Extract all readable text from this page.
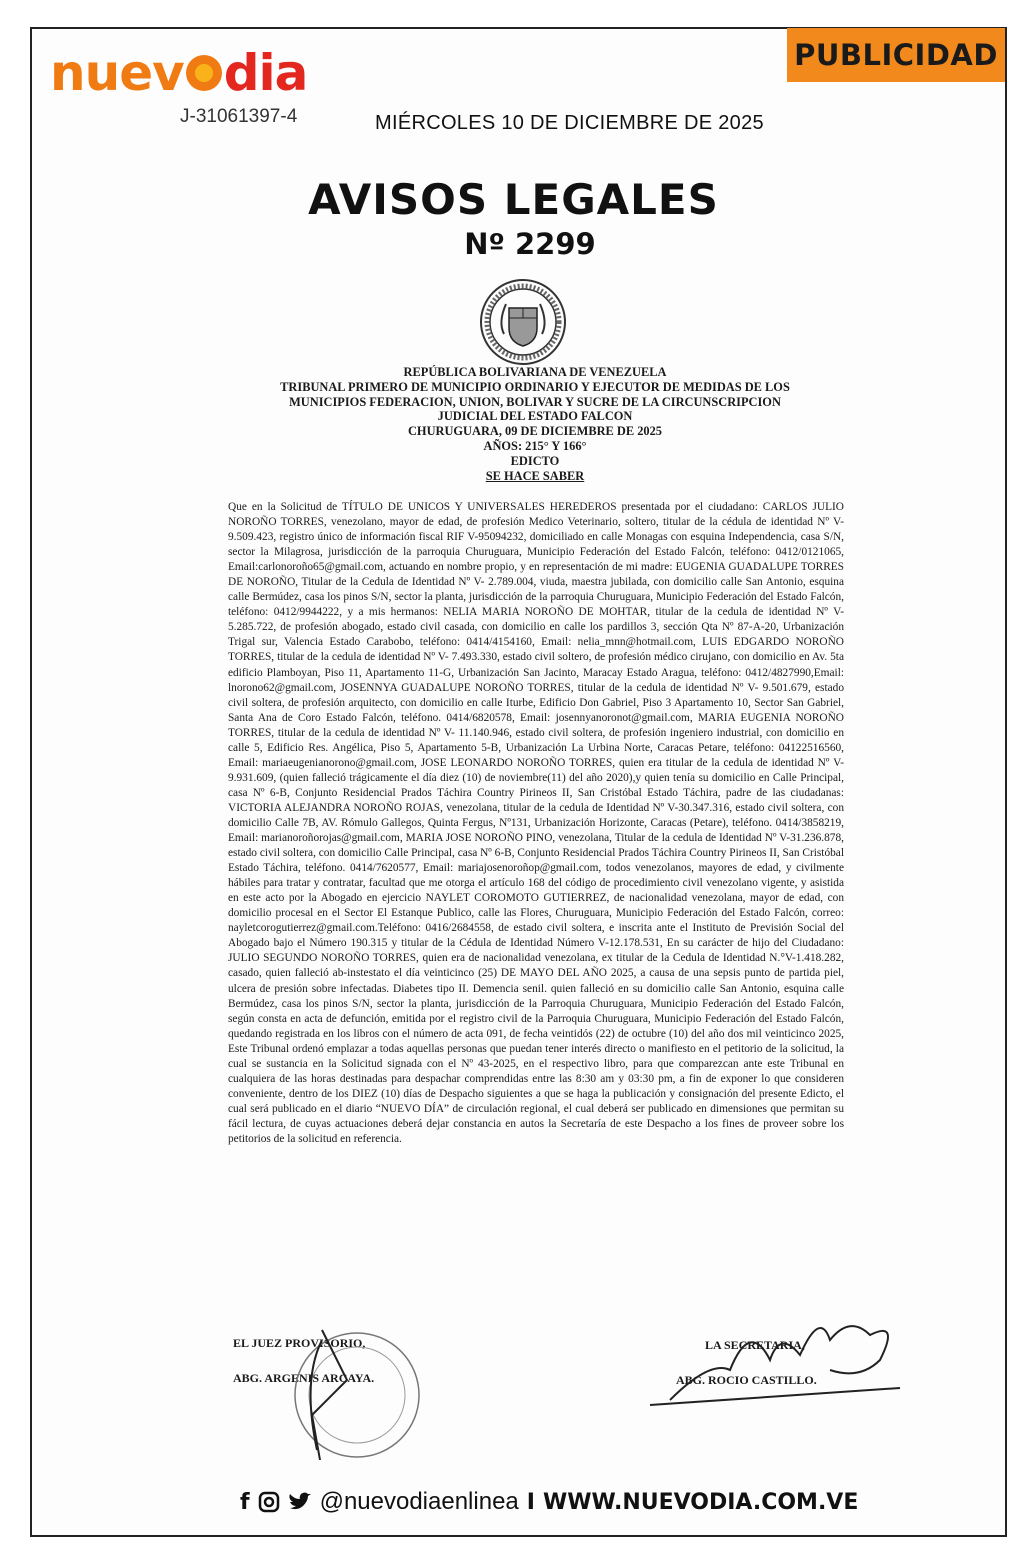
nuev dia
J-31061397-4	MIÉRCOLES 10 DE DICIEMBRE DE 2025
PUBLICIDAD
AVISOS LEGALES
Nº 2299
REPÚBLICA BOLIVARIANA DE VENEZUELA
TRIBUNAL PRIMERO DE MUNICIPIO ORDINARIO Y EJECUTOR DE MEDIDAS DE LOS
MUNICIPIOS FEDERACION, UNION, BOLIVAR Y SUCRE DE LA CIRCUNSCRIPCION
JUDICIAL DEL ESTADO FALCON
CHURUGUARA, 09 DE DICIEMBRE DE 2025
AÑOS: 215° Y 166°
EDICTO
SE HACE SABER

Que en la Solicitud de TÍTULO DE UNICOS Y UNIVERSALES HEREDEROS presentada por el ciudadano: CARLOS JULIO NOROÑO TORRES, venezolano, mayor de edad, de profesión Medico Veterinario, soltero, titular de la cédula de identidad Nº V-9.509.423, registro único de información fiscal RIF V-95094232, domiciliado en calle Monagas con esquina Independencia, casa S/N, sector la Milagrosa, jurisdicción de la parroquia Churuguara, Municipio Federación del Estado Falcón, teléfono: 0412/0121065, Email:carlonoroño65@gmail.com, actuando en nombre propio, y en representación de mi madre: EUGENIA GUADALUPE TORRES DE NOROÑO, Titular de la Cedula de Identidad Nº V- 2.789.004, viuda, maestra jubilada, con domicilio calle San Antonio, esquina calle Bermúdez, casa los pinos S/N, sector la planta, jurisdicción de la parroquia Churuguara, Municipio Federación del Estado Falcón, teléfono: 0412/9944222, y a mis hermanos: NELIA MARIA NOROÑO DE MOHTAR, titular de la cedula de identidad Nº V- 5.285.722, de profesión abogado, estado civil casada, con domicilio en calle los pardillos 3, sección Qta Nº 87-A-20, Urbanización Trigal sur, Valencia Estado Carabobo, teléfono: 0414/4154160, Email: nelia_mnn@hotmail.com, LUIS EDGARDO NOROÑO TORRES, titular de la cedula de identidad Nº V- 7.493.330, estado civil soltero, de profesión médico cirujano, con domicilio en Av. 5ta edificio Plamboyan, Piso 11, Apartamento 11-G, Urbanización San Jacinto, Maracay Estado Aragua, teléfono: 0412/4827990,Email: lnorono62@gmail.com, JOSENNYA GUADALUPE NOROÑO TORRES, titular de la cedula de identidad Nº V- 9.501.679, estado civil soltera, de profesión arquitecto, con domicilio en calle Iturbe, Edificio Don Gabriel, Piso 3 Apartamento 10, Sector San Gabriel, Santa Ana de Coro Estado Falcón, teléfono. 0414/6820578, Email: josennyanoronot@gmail.com, MARIA EUGENIA NOROÑO TORRES, titular de la cedula de identidad Nº V- 11.140.946, estado civil soltera, de profesión ingeniero industrial, con domicilio en calle 5, Edificio Res. Angélica, Piso 5, Apartamento 5-B, Urbanización La Urbina Norte, Caracas Petare, teléfono: 04122516560, Email: mariaeugenianorono@gmail.com, JOSE LEONARDO NOROÑO TORRES, quien era titular de la cedula de identidad Nº V- 9.931.609, (quien falleció trágicamente el día diez (10) de noviembre(11) del año 2020),y quien tenía su domicilio en Calle Principal, casa Nº 6-B, Conjunto Residencial Prados Táchira Country Pirineos II, San Cristóbal Estado Táchira, padre de las ciudadanas: VICTORIA ALEJANDRA NOROÑO ROJAS, venezolana, titular de la cedula de Identidad Nº V-30.347.316, estado civil soltera, con domicilio Calle 7B, AV. Rómulo Gallegos, Quinta Fergus, Nº131, Urbanización Horizonte, Caracas (Petare), teléfono. 0414/3858219, Email: marianoroñorojas@gmail.com, MARIA JOSE NOROÑO PINO, venezolana, Titular de la cedula de Identidad Nº V-31.236.878, estado civil soltera, con domicilio Calle Principal, casa Nº 6-B, Conjunto Residencial Prados Táchira Country Pirineos II, San Cristóbal Estado Táchira, teléfono. 0414/7620577, Email: mariajosenoroñop@gmail.com, todos venezolanos, mayores de edad, y civilmente hábiles para tratar y contratar, facultad que me otorga el artículo 168 del código de procedimiento civil venezolano vigente, y asistida en este acto por la Abogado en ejercicio NAYLET COROMOTO GUTIERREZ, de nacionalidad venezolana, mayor de edad, con domicilio procesal en el Sector El Estanque Publico, calle las Flores, Churuguara, Municipio Federación del Estado Falcón, correo: nayletcorogutierrez@gmail.com.Teléfono: 0416/2684558, de estado civil soltera, e inscrita ante el Instituto de Previsión Social del Abogado bajo el Número 190.315 y titular de la Cédula de Identidad Número V-12.178.531, En su carácter de hijo del Ciudadano: JULIO SEGUNDO NOROÑO TORRES, quien era de nacionalidad venezolana, ex titular de la Cedula de Identidad N.°V-1.418.282, casado, quien falleció ab-instestato el día veinticinco (25) DE MAYO DEL AÑO 2025, a causa de una sepsis punto de partida piel, ulcera de presión sobre infectadas. Diabetes tipo II. Demencia senil. quien falleció en su domicilio calle San Antonio, esquina calle Bermúdez, casa los pinos S/N, sector la planta, jurisdicción de la Parroquia Churuguara, Municipio Federación del Estado Falcón, según consta en acta de defunción, emitida por el registro civil de la Parroquia Churuguara, Municipio Federación del Estado Falcón, quedando registrada en los libros con el número de acta 091, de fecha veintidós (22) de octubre (10) del año dos mil veinticinco 2025, Este Tribunal ordenó emplazar a todas aquellas personas que puedan tener interés directo o manifiesto en el petitorio de la solicitud, la cual se sustancia en la Solicitud signada con el Nº 43-2025, en el respectivo libro, para que comparezcan ante este Tribunal en cualquiera de las horas destinadas para despachar comprendidas entre las 8:30 am y 03:30 pm, a fin de exponer lo que consideren conveniente, dentro de los DIEZ (10) días de Despacho siguientes a que se haga la publicación y consignación del presente Edicto, el cual será publicado en el diario “NUEVO DÍA” de circulación regional, el cual deberá ser publicado en dimensiones que permitan su fácil lectura, de cuyas actuaciones deberá dejar constancia en autos la Secretaría de este Despacho a los fines de proveer sobre los petitorios de la solicitud en referencia.

EL JUEZ PROVISORIO,
ABG. ARGENIS ARCAYA.
LA SECRETARIA,
ABG. ROCIO CASTILLO.
f	@nuevodiaenlinea I WWW.NUEVODIA.COM.VE
